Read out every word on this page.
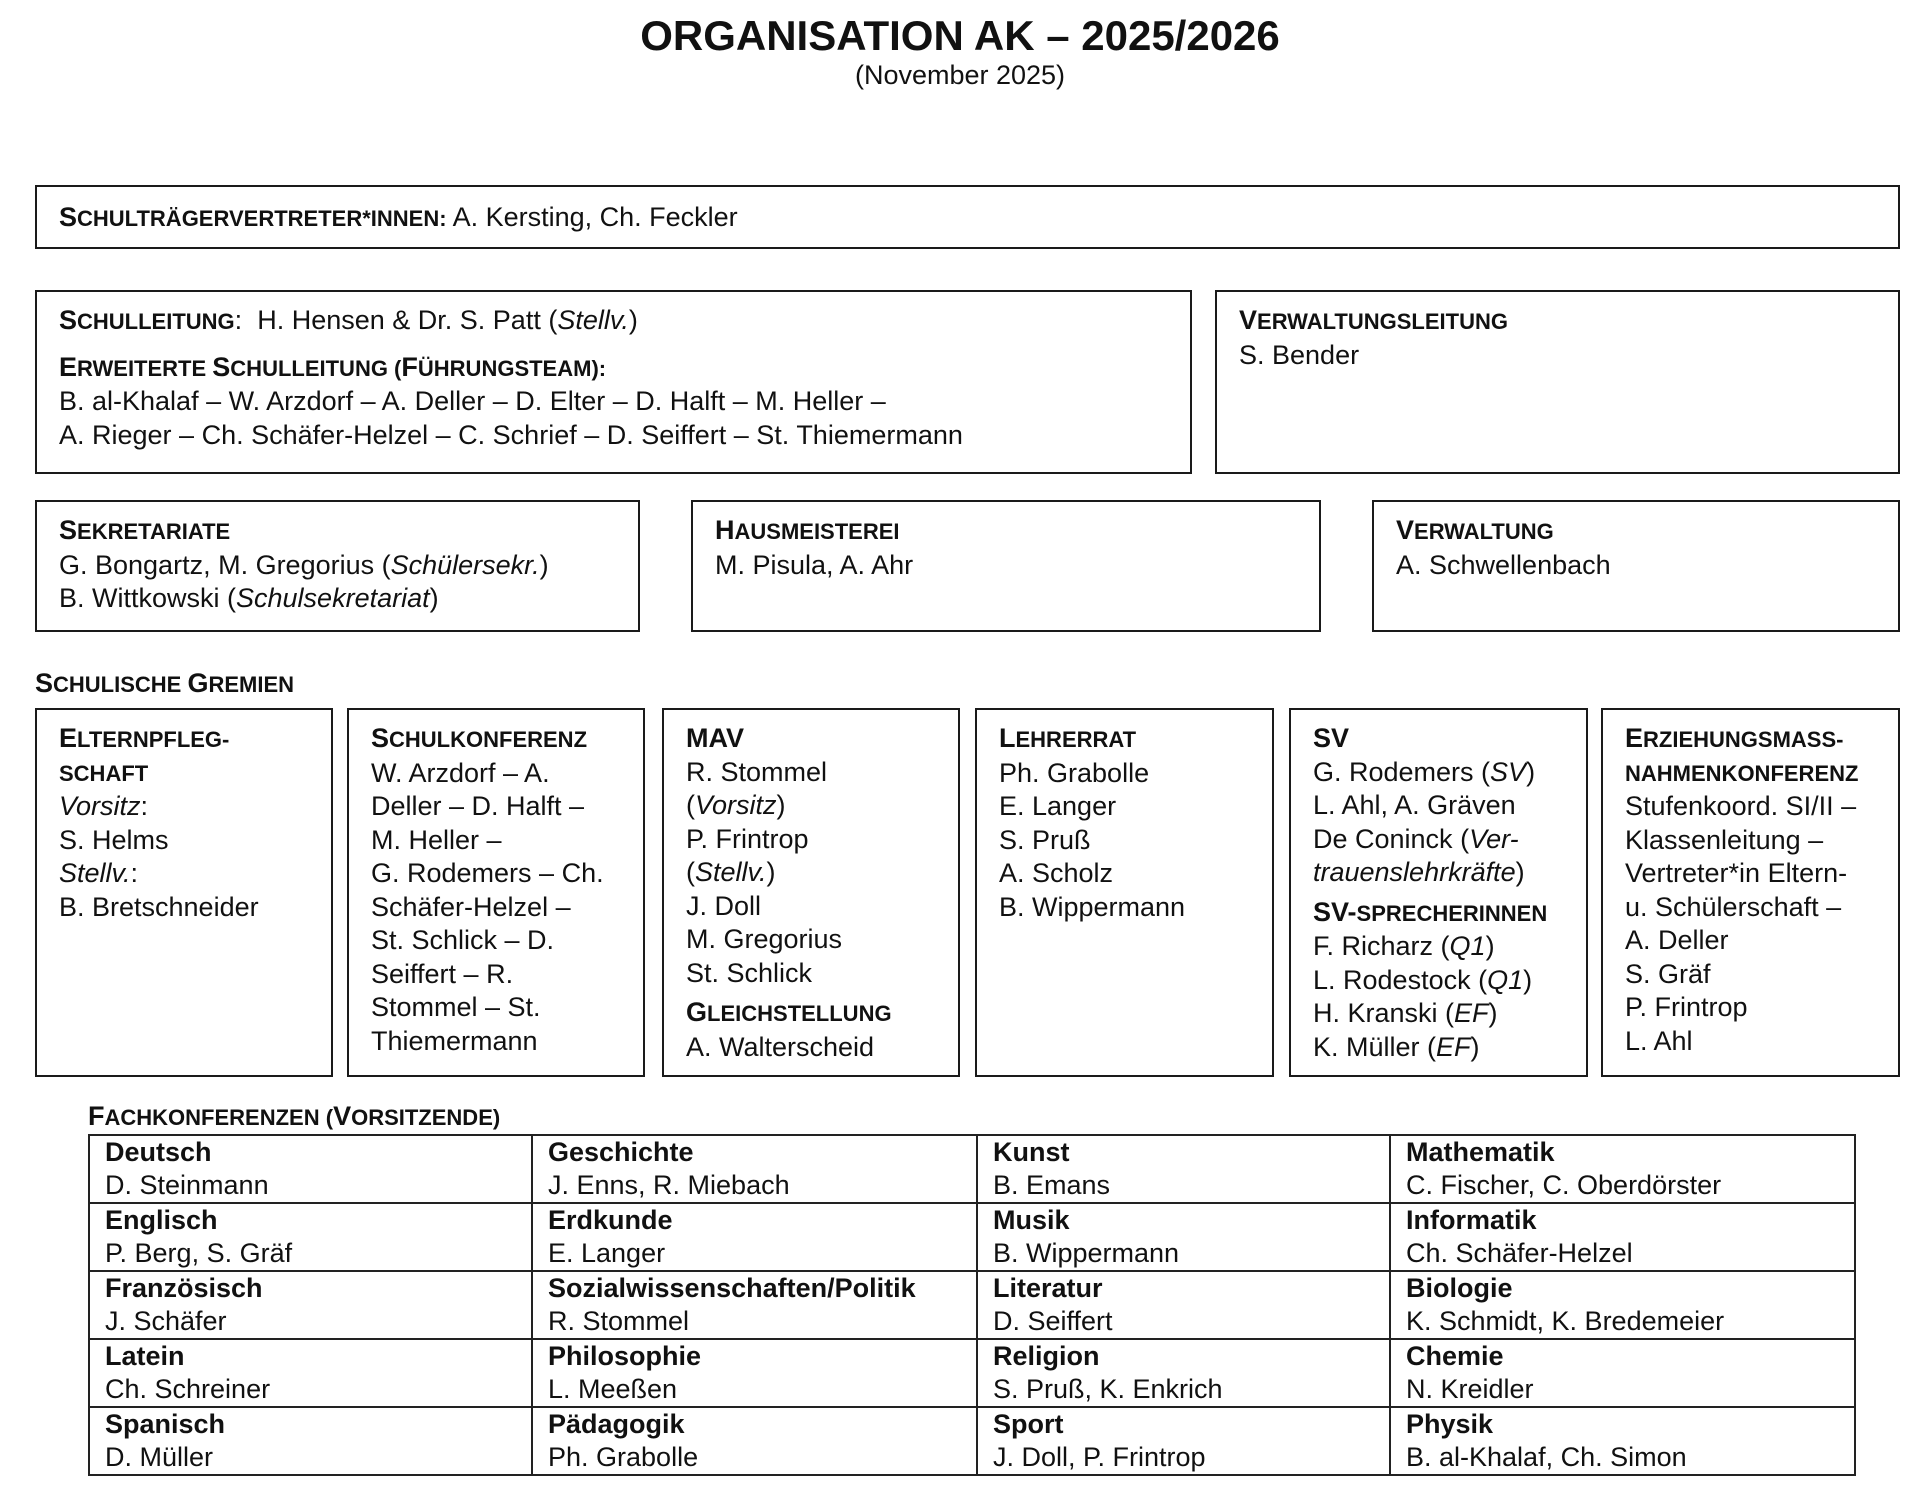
ORGANISATION AK – 2025/2026
(November 2025)
SCHULTRÄGERVERTRETER*INNEN: A. Kersting, Ch. Feckler
SCHULLEITUNG: H. Hensen & Dr. S. Patt (Stellv.)
ERWEITERTE SCHULLEITUNG (FÜHRUNGSTEAM):
B. al-Khalaf – W. Arzdorf – A. Deller – D. Elter – D. Halft – M. Heller –
A. Rieger – Ch. Schäfer-Helzel – C. Schrief – D. Seiffert – St. Thiemermann
VERWALTUNGSLEITUNG
S. Bender
SEKRETARIATE
G. Bongartz, M. Gregorius (Schülersekr.)
B. Wittkowski (Schulsekretariat)
HAUSMEISTEREI
M. Pisula, A. Ahr
VERWALTUNG
A. Schwellenbach
SCHULISCHE GREMIEN
ELTERNPFLEG-
SCHAFT
Vorsitz:
S. Helms
Stellv.:
B. Bretschneider
SCHULKONFERENZ
W. Arzdorf – A.
Deller – D. Halft –
M. Heller –
G. Rodemers – Ch.
Schäfer-Helzel –
St. Schlick – D.
Seiffert – R.
Stommel – St.
Thiemermann
MAV
R. Stommel
(Vorsitz)
P. Frintrop
(Stellv.)
J. Doll
M. Gregorius
St. Schlick
GLEICHSTELLUNG
A. Walterscheid
LEHRERRAT
Ph. Grabolle
E. Langer
S. Pruß
A. Scholz
B. Wippermann
SV
G. Rodemers (SV)
L. Ahl, A. Gräven
De Coninck (Ver-
trauenslehrkräfte)
SV-SPRECHERINNEN
F. Richarz (Q1)
L. Rodestock (Q1)
H. Kranski (EF)
K. Müller (EF)
ERZIEHUNGSMASS-
NAHMENKONFERENZ
Stufenkoord. SI/II –
Klassenleitung –
Vertreter*in Eltern-
u. Schülerschaft –
A. Deller
S. Gräf
P. Frintrop
L. Ahl
FACHKONFERENZEN (VORSITZENDE)
Deutsch
D. Steinmann	Geschichte
J. Enns, R. Miebach	Kunst
B. Emans	Mathematik
C. Fischer, C. Oberdörster

Englisch
P. Berg, S. Gräf	Erdkunde
E. Langer	Musik
B. Wippermann	Informatik
Ch. Schäfer-Helzel

Französisch
J. Schäfer	Sozialwissenschaften/Politik
R. Stommel	Literatur
D. Seiffert	Biologie
K. Schmidt, K. Bredemeier

Latein
Ch. Schreiner	Philosophie
L. Meeßen	Religion
S. Pruß, K. Enkrich	Chemie
N. Kreidler

Spanisch
D. Müller	Pädagogik
Ph. Grabolle	Sport
J. Doll, P. Frintrop	Physik
B. al-Khalaf, Ch. Simon
